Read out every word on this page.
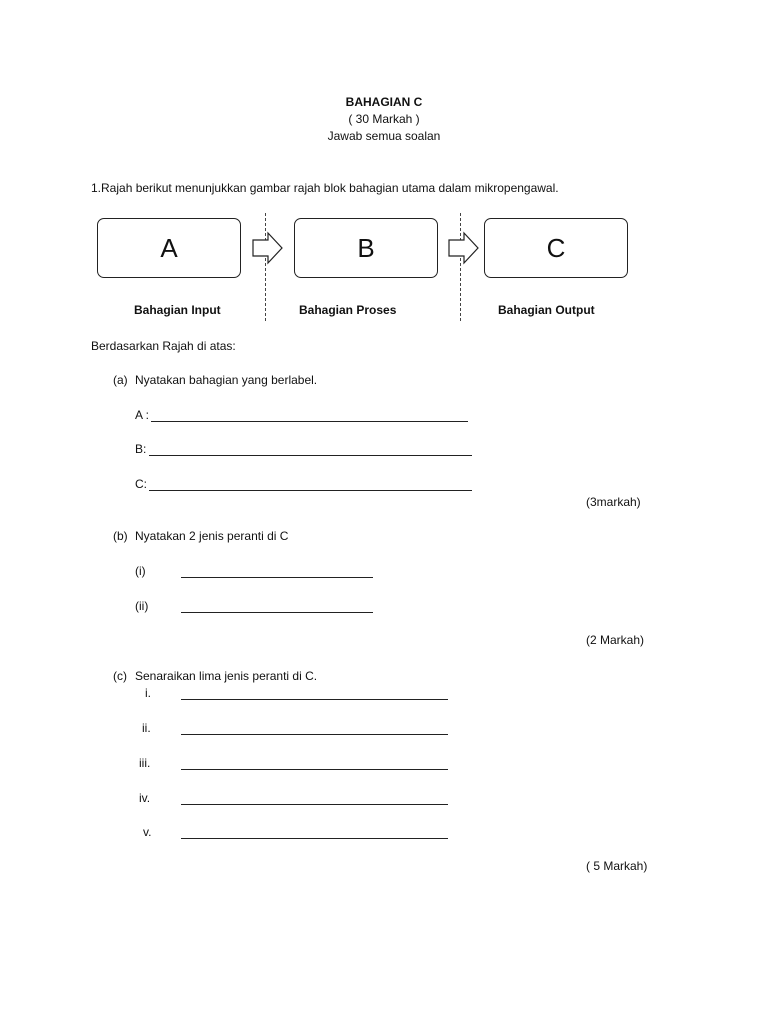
BAHAGIAN C
( 30 Markah )
Jawab semua soalan
1.Rajah berikut menunjukkan gambar rajah blok bahagian utama dalam mikropengawal.
A	B	C
Bahagian Input	Bahagian Proses	Bahagian Output
Berdasarkan Rajah di atas:
(a) Nyatakan bahagian yang berlabel.
A :
B:
C:
(3markah)
(b) Nyatakan 2 jenis peranti di C
(i)
(ii)
(2 Markah)
(c) Senaraikan lima jenis peranti di C.
i.
ii.
iii.
iv.
v.
( 5 Markah)
